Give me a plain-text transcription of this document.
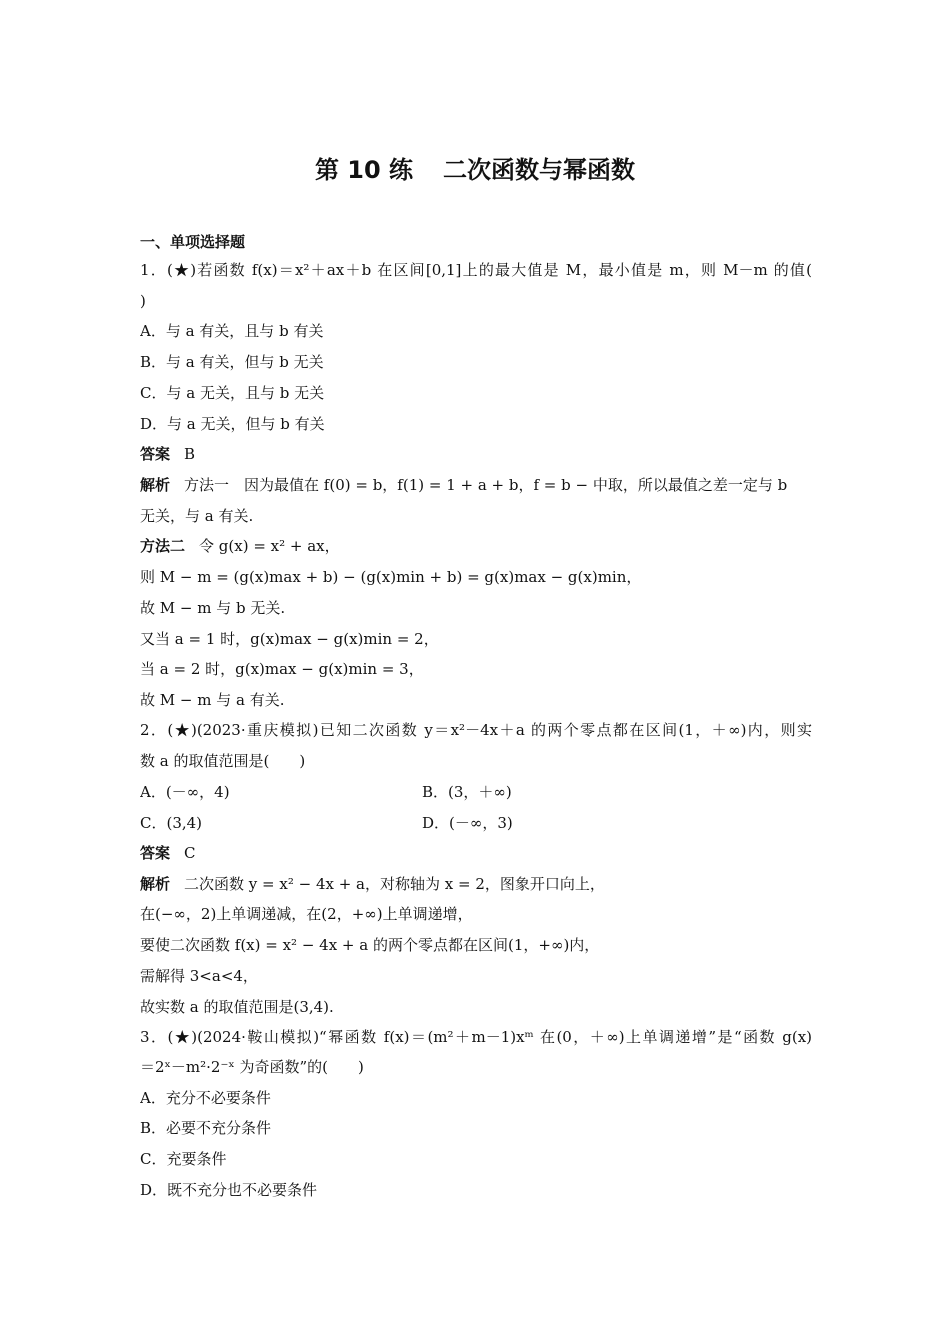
第 10 练 二次函数与幂函数
一、单项选择题
1．(★)若函数 f(x)＝x²＋ax＋b 在区间[0,1]上的最大值是 M，最小值是 m，则 M－m 的值(
)
A．与 a 有关，且与 b 有关
B．与 a 有关，但与 b 无关
C．与 a 无关，且与 b 无关
D．与 a 无关，但与 b 有关
答案 B
解析 方法一　因为最值在 f(0) = b，f(1) = 1 + a + b，f = b − 中取，所以最值之差一定与 b
无关，与 a 有关.
方法二 令 g(x) = x² + ax，
则 M − m = (g(x)max + b) − (g(x)min + b) = g(x)max − g(x)min，
故 M − m 与 b 无关.
又当 a = 1 时，g(x)max − g(x)min = 2，
当 a = 2 时，g(x)max − g(x)min = 3，
故 M − m 与 a 有关.
2．(★)(2023·重庆模拟)已知二次函数 y＝x²－4x＋a 的两个零点都在区间(1，＋∞)内，则实
数 a 的取值范围是(　　)
A．(－∞，4)	B．(3，＋∞)
C．(3,4)	D．(－∞，3)
答案 C
解析 二次函数 y = x² − 4x + a，对称轴为 x = 2，图象开口向上，
在(−∞，2)上单调递减，在(2，+∞)上单调递增，
要使二次函数 f(x) = x² − 4x + a 的两个零点都在区间(1，+∞)内，
需解得 3<a<4，
故实数 a 的取值范围是(3,4).
3．(★)(2024·鞍山模拟)“幂函数 f(x)＝(m²＋m－1)xᵐ 在(0，＋∞)上单调递增”是“函数 g(x)
＝2ˣ－m²·2⁻ˣ 为奇函数”的(　　)
A．充分不必要条件
B．必要不充分条件
C．充要条件
D．既不充分也不必要条件
